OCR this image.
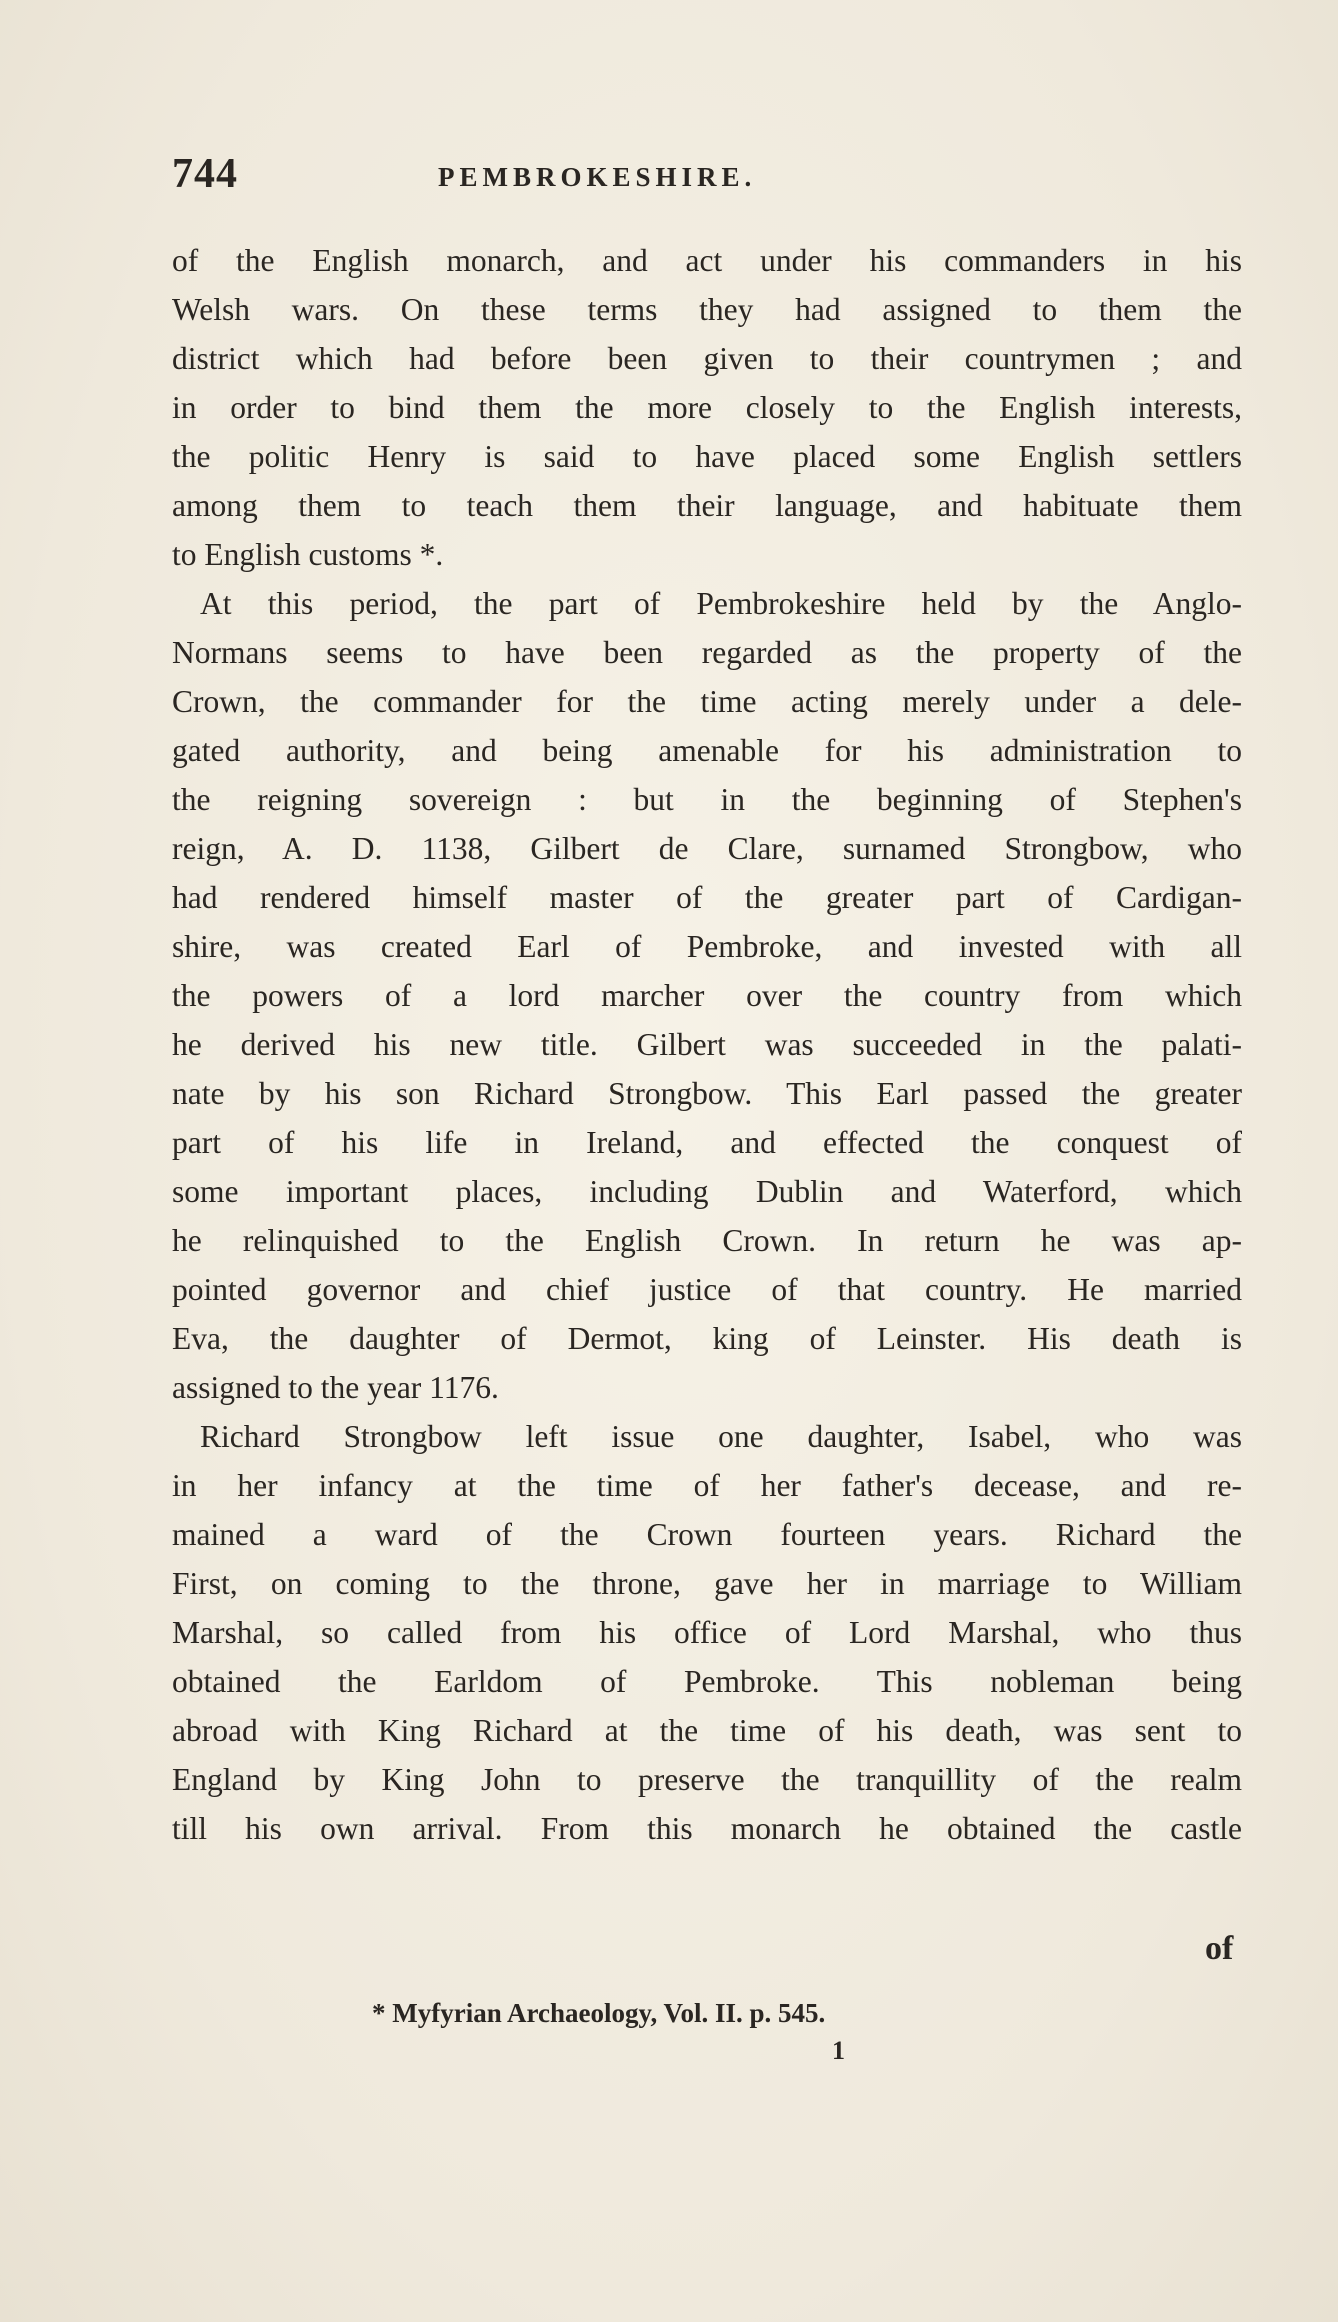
744	PEMBROKESHIRE.

of the English monarch, and act under his commanders in his
Welsh wars. On these terms they had assigned to them the
district which had before been given to their countrymen ; and
in order to bind them the more closely to the English interests,
the politic Henry is said to have placed some English settlers
among them to teach them their language, and habituate them
to English customs *.

At this period, the part of Pembrokeshire held by the Anglo-
Normans seems to have been regarded as the property of the
Crown, the commander for the time acting merely under a dele-
gated authority, and being amenable for his administration to
the reigning sovereign : but in the beginning of Stephen's
reign, A. D. 1138, Gilbert de Clare, surnamed Strongbow, who
had rendered himself master of the greater part of Cardigan-
shire, was created Earl of Pembroke, and invested with all
the powers of a lord marcher over the country from which
he derived his new title. Gilbert was succeeded in the palati-
nate by his son Richard Strongbow. This Earl passed the greater
part of his life in Ireland, and effected the conquest of
some important places, including Dublin and Waterford, which
he relinquished to the English Crown. In return he was ap-
pointed governor and chief justice of that country. He married
Eva, the daughter of Dermot, king of Leinster. His death is
assigned to the year 1176.

Richard Strongbow left issue one daughter, Isabel, who was
in her infancy at the time of her father's decease, and re-
mained a ward of the Crown fourteen years. Richard the
First, on coming to the throne, gave her in marriage to William
Marshal, so called from his office of Lord Marshal, who thus
obtained the Earldom of Pembroke. This nobleman being
abroad with King Richard at the time of his death, was sent to
England by King John to preserve the tranquillity of the realm
till his own arrival. From this monarch he obtained the castle

of
* Myfyrian Archaeology, Vol. II. p. 545.
1
